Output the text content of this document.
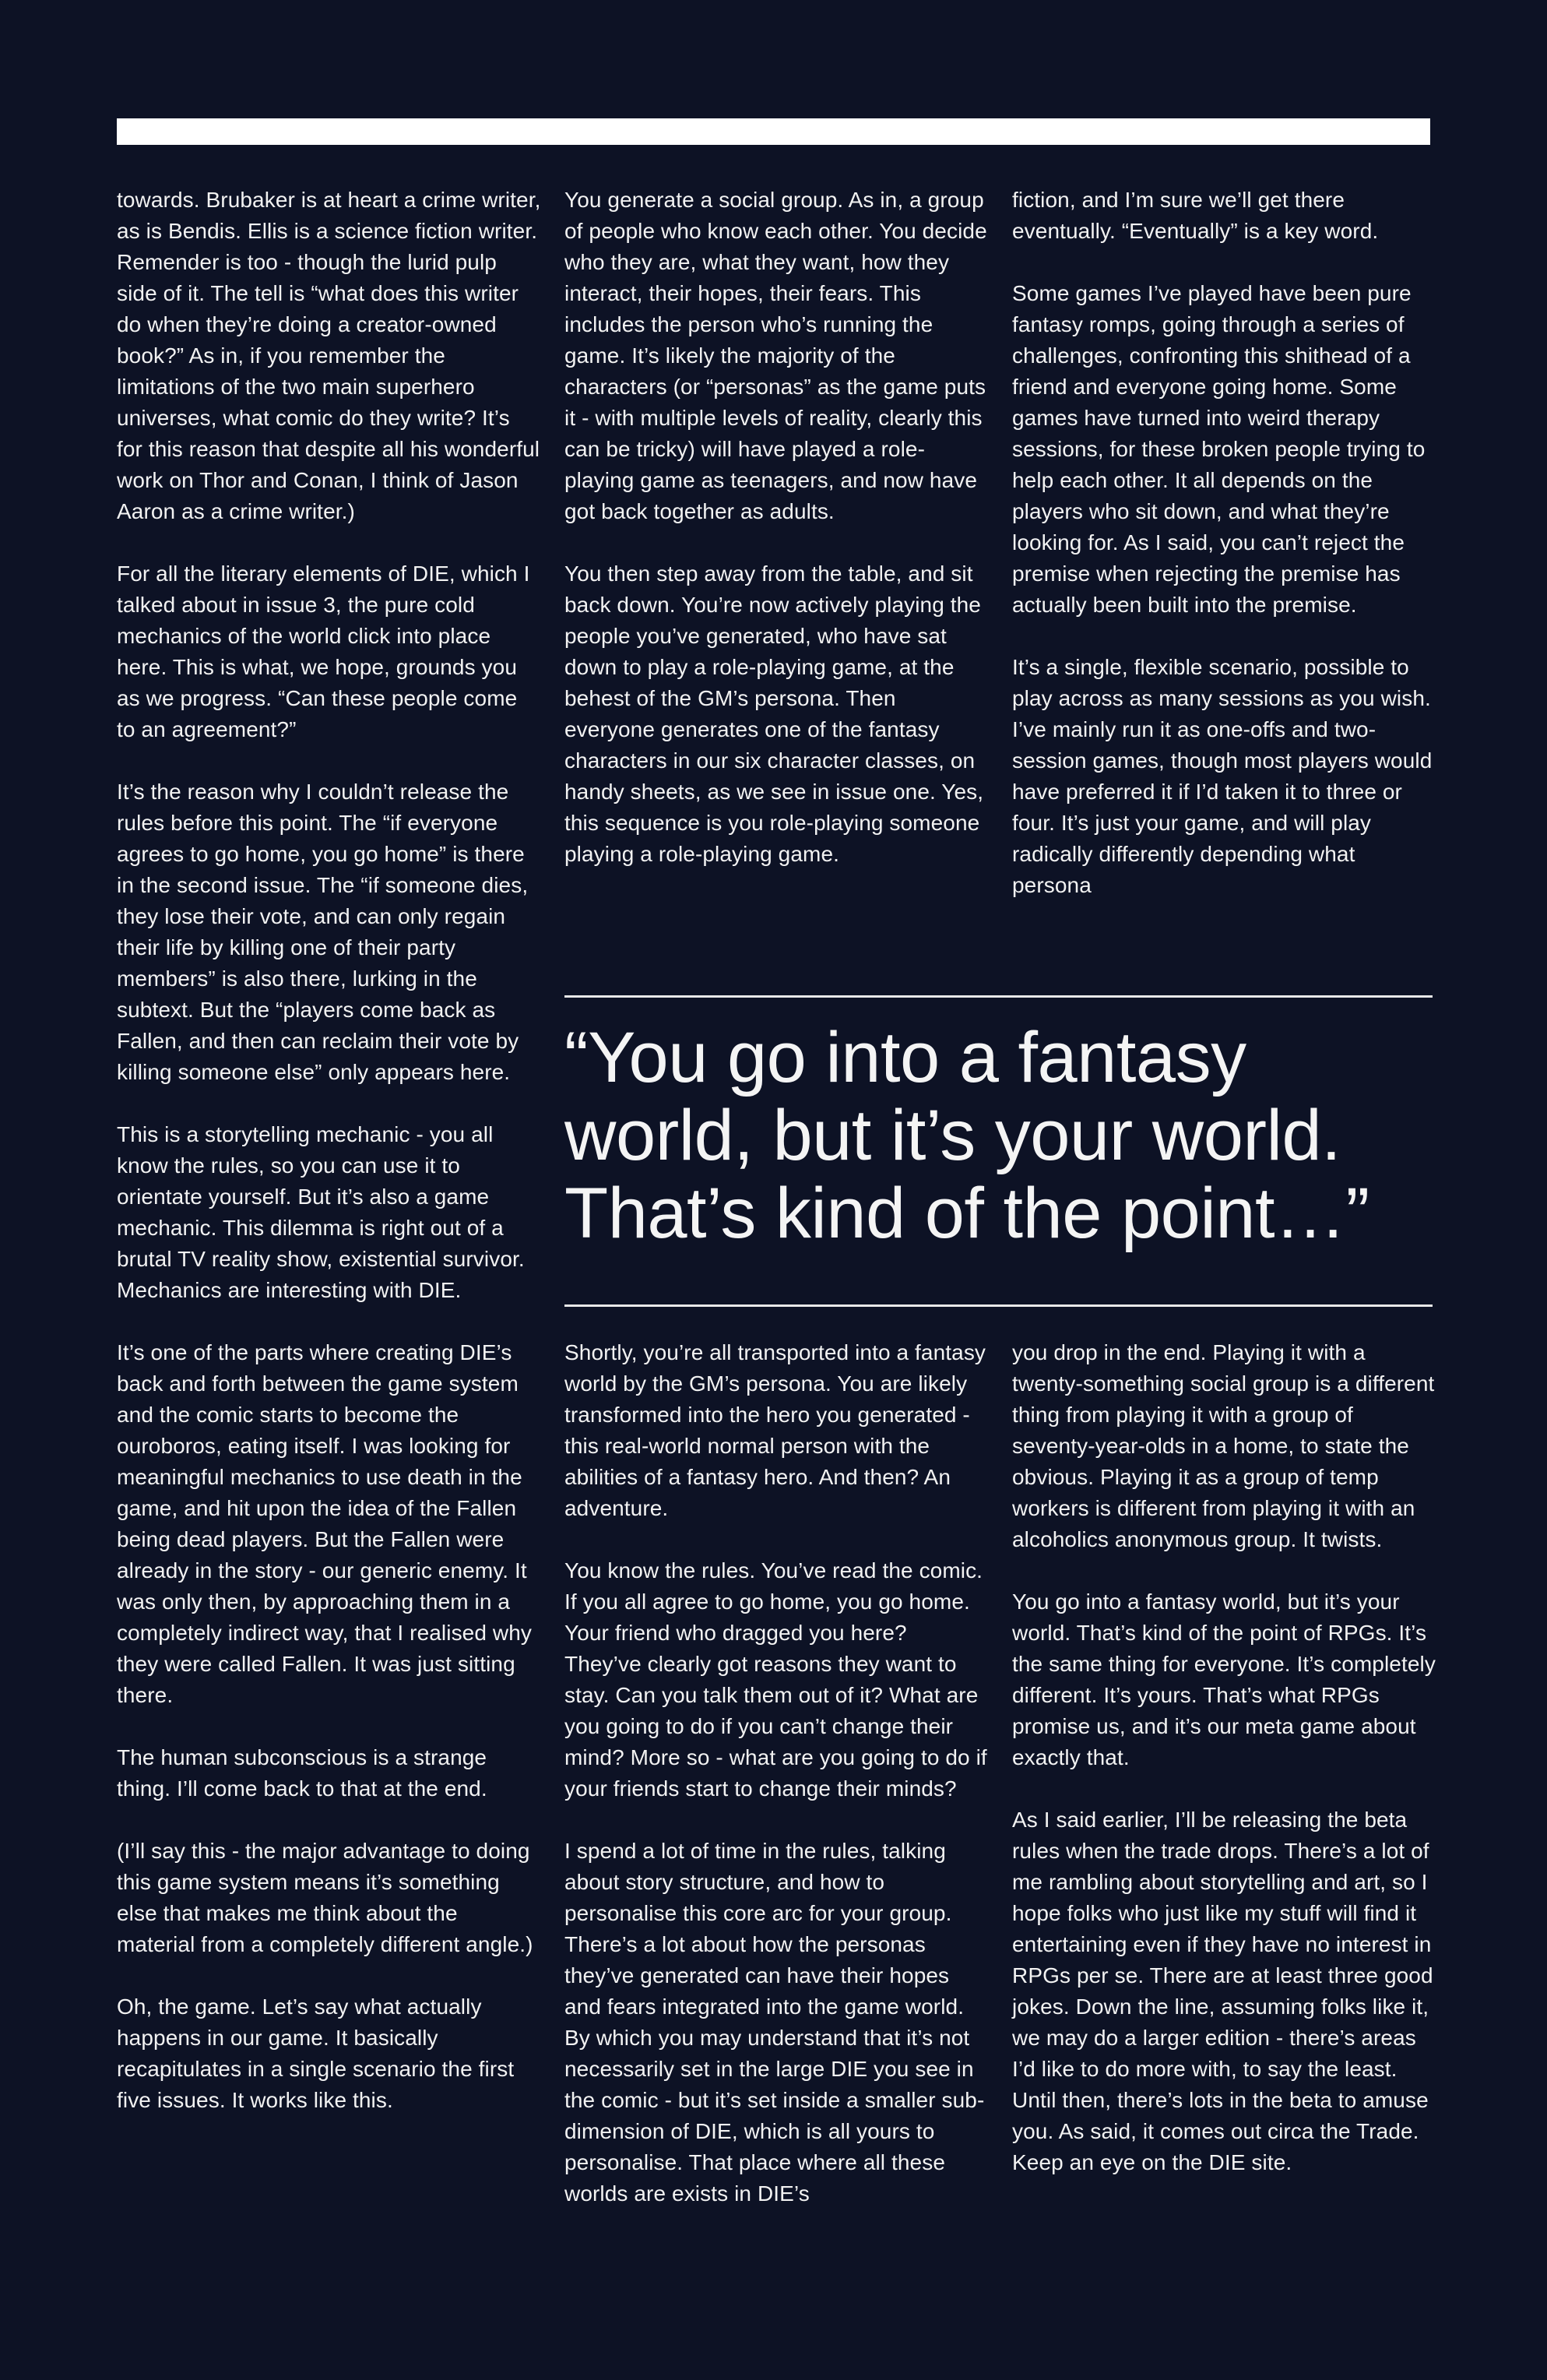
towards. Brubaker is at heart a crime writer, as is Bendis. Ellis is a science fiction writer. Remender is too - though the lurid pulp side of it. The tell is “what does this writer do when they’re doing a creator-owned book?” As in, if you remember the limitations of the two main superhero universes, what comic do they write? It’s for this reason that despite all his wonderful work on Thor and Conan, I think of Jason Aaron as a crime writer.)

For all the literary elements of DIE, which I talked about in issue 3, the pure cold mechanics of the world click into place here. This is what, we hope, grounds you as we progress. “Can these people come to an agreement?”

It’s the reason why I couldn’t release the rules before this point. The “if everyone agrees to go home, you go home” is there in the second issue. The “if someone dies, they lose their vote, and can only regain their life by killing one of their party members” is also there, lurking in the subtext. But the “players come back as Fallen, and then can reclaim their vote by killing someone else” only appears here.

This is a storytelling mechanic - you all know the rules, so you can use it to orientate yourself. But it’s also a game mechanic. This dilemma is right out of a brutal TV reality show, existential survivor. Mechanics are interesting with DIE.

It’s one of the parts where creating DIE’s back and forth between the game system and the comic starts to become the ouroboros, eating itself. I was looking for meaningful mechanics to use death in the game, and hit upon the idea of the Fallen being dead players. But the Fallen were already in the story - our generic enemy. It was only then, by approaching them in a completely indirect way, that I realised why they were called Fallen. It was just sitting there.

The human subconscious is a strange thing. I’ll come back to that at the end.

(I’ll say this - the major advantage to doing this game system means it’s something else that makes me think about the material from a completely different angle.)

Oh, the game. Let’s say what actually happens in our game. It basically recapitulates in a single scenario the first five issues. It works like this.

You generate a social group. As in, a group of people who know each other. You decide who they are, what they want, how they interact, their hopes, their fears. This includes the person who’s running the game. It’s likely the majority of the characters (or “personas” as the game puts it - with multiple levels of reality, clearly this can be tricky) will have played a role-playing game as teenagers, and now have got back together as adults.

You then step away from the table, and sit back down. You’re now actively playing the people you’ve generated, who have sat down to play a role-playing game, at the behest of the GM’s persona. Then everyone generates one of the fantasy characters in our six character classes, on handy sheets, as we see in issue one. Yes, this sequence is you role-playing someone playing a role-playing game.

fiction, and I’m sure we’ll get there eventually. “Eventually” is a key word.

Some games I’ve played have been pure fantasy romps, going through a series of challenges, confronting this shithead of a friend and everyone going home. Some games have turned into weird therapy sessions, for these broken people trying to help each other. It all depends on the players who sit down, and what they’re looking for. As I said, you can’t reject the premise when rejecting the premise has actually been built into the premise.

It’s a single, flexible scenario, possible to play across as many sessions as you wish. I’ve mainly run it as one-offs and two-session games, though most players would have preferred it if I’d taken it to three or four. It’s just your game, and will play radically differently depending what persona

“You go into a fantasy world, but it’s your world. That’s kind of the point…”

Shortly, you’re all transported into a fantasy world by the GM’s persona. You are likely transformed into the hero you generated - this real-world normal person with the abilities of a fantasy hero. And then? An adventure.

You know the rules. You’ve read the comic. If you all agree to go home, you go home. Your friend who dragged you here? They’ve clearly got reasons they want to stay. Can you talk them out of it? What are you going to do if you can’t change their mind? More so - what are you going to do if your friends start to change their minds?

I spend a lot of time in the rules, talking about story structure, and how to personalise this core arc for your group. There’s a lot about how the personas they’ve generated can have their hopes and fears integrated into the game world. By which you may understand that it’s not necessarily set in the large DIE you see in the comic - but it’s set inside a smaller sub-dimension of DIE, which is all yours to personalise. That place where all these worlds are exists in DIE’s

you drop in the end. Playing it with a twenty-something social group is a different thing from playing it with a group of seventy-year-olds in a home, to state the obvious. Playing it as a group of temp workers is different from playing it with an alcoholics anonymous group. It twists.

You go into a fantasy world, but it’s your world. That’s kind of the point of RPGs. It’s the same thing for everyone. It’s completely different. It’s yours. That’s what RPGs promise us, and it’s our meta game about exactly that.

As I said earlier, I’ll be releasing the beta rules when the trade drops. There’s a lot of me rambling about storytelling and art, so I hope folks who just like my stuff will find it entertaining even if they have no interest in RPGs per se. There are at least three good jokes. Down the line, assuming folks like it, we may do a larger edition - there’s areas I’d like to do more with, to say the least. Until then, there’s lots in the beta to amuse you. As said, it comes out circa the Trade. Keep an eye on the DIE site.
